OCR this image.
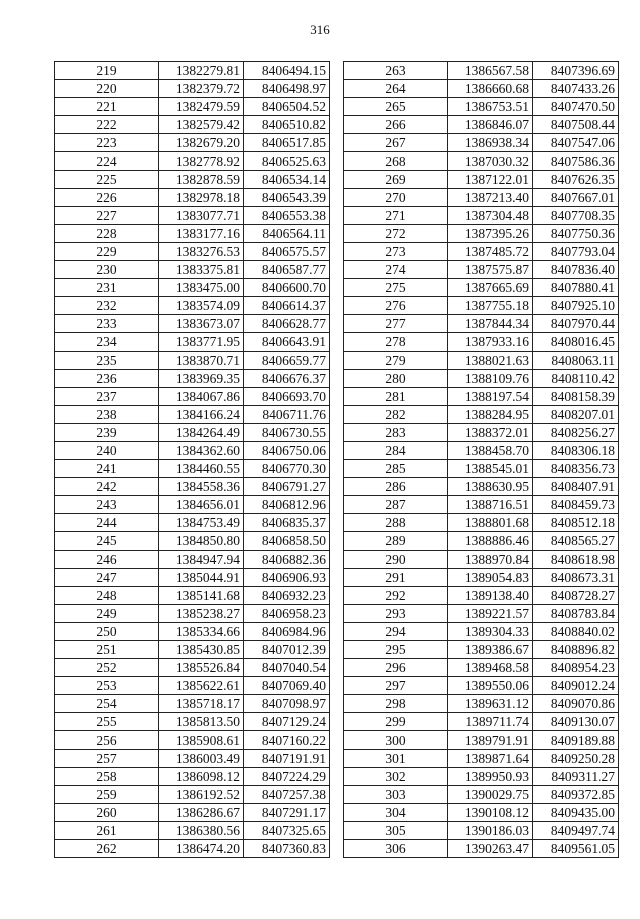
316
219	1382279.81	8406494.15
220	1382379.72	8406498.97
221	1382479.59	8406504.52
222	1382579.42	8406510.82
223	1382679.20	8406517.85
224	1382778.92	8406525.63
225	1382878.59	8406534.14
226	1382978.18	8406543.39
227	1383077.71	8406553.38
228	1383177.16	8406564.11
229	1383276.53	8406575.57
230	1383375.81	8406587.77
231	1383475.00	8406600.70
232	1383574.09	8406614.37
233	1383673.07	8406628.77
234	1383771.95	8406643.91
235	1383870.71	8406659.77
236	1383969.35	8406676.37
237	1384067.86	8406693.70
238	1384166.24	8406711.76
239	1384264.49	8406730.55
240	1384362.60	8406750.06
241	1384460.55	8406770.30
242	1384558.36	8406791.27
243	1384656.01	8406812.96
244	1384753.49	8406835.37
245	1384850.80	8406858.50
246	1384947.94	8406882.36
247	1385044.91	8406906.93
248	1385141.68	8406932.23
249	1385238.27	8406958.23
250	1385334.66	8406984.96
251	1385430.85	8407012.39
252	1385526.84	8407040.54
253	1385622.61	8407069.40
254	1385718.17	8407098.97
255	1385813.50	8407129.24
256	1385908.61	8407160.22
257	1386003.49	8407191.91
258	1386098.12	8407224.29
259	1386192.52	8407257.38
260	1386286.67	8407291.17
261	1386380.56	8407325.65
262	1386474.20	8407360.83
263	1386567.58	8407396.69
264	1386660.68	8407433.26
265	1386753.51	8407470.50
266	1386846.07	8407508.44
267	1386938.34	8407547.06
268	1387030.32	8407586.36
269	1387122.01	8407626.35
270	1387213.40	8407667.01
271	1387304.48	8407708.35
272	1387395.26	8407750.36
273	1387485.72	8407793.04
274	1387575.87	8407836.40
275	1387665.69	8407880.41
276	1387755.18	8407925.10
277	1387844.34	8407970.44
278	1387933.16	8408016.45
279	1388021.63	8408063.11
280	1388109.76	8408110.42
281	1388197.54	8408158.39
282	1388284.95	8408207.01
283	1388372.01	8408256.27
284	1388458.70	8408306.18
285	1388545.01	8408356.73
286	1388630.95	8408407.91
287	1388716.51	8408459.73
288	1388801.68	8408512.18
289	1388886.46	8408565.27
290	1388970.84	8408618.98
291	1389054.83	8408673.31
292	1389138.40	8408728.27
293	1389221.57	8408783.84
294	1389304.33	8408840.02
295	1389386.67	8408896.82
296	1389468.58	8408954.23
297	1389550.06	8409012.24
298	1389631.12	8409070.86
299	1389711.74	8409130.07
300	1389791.91	8409189.88
301	1389871.64	8409250.28
302	1389950.93	8409311.27
303	1390029.75	8409372.85
304	1390108.12	8409435.00
305	1390186.03	8409497.74
306	1390263.47	8409561.05
